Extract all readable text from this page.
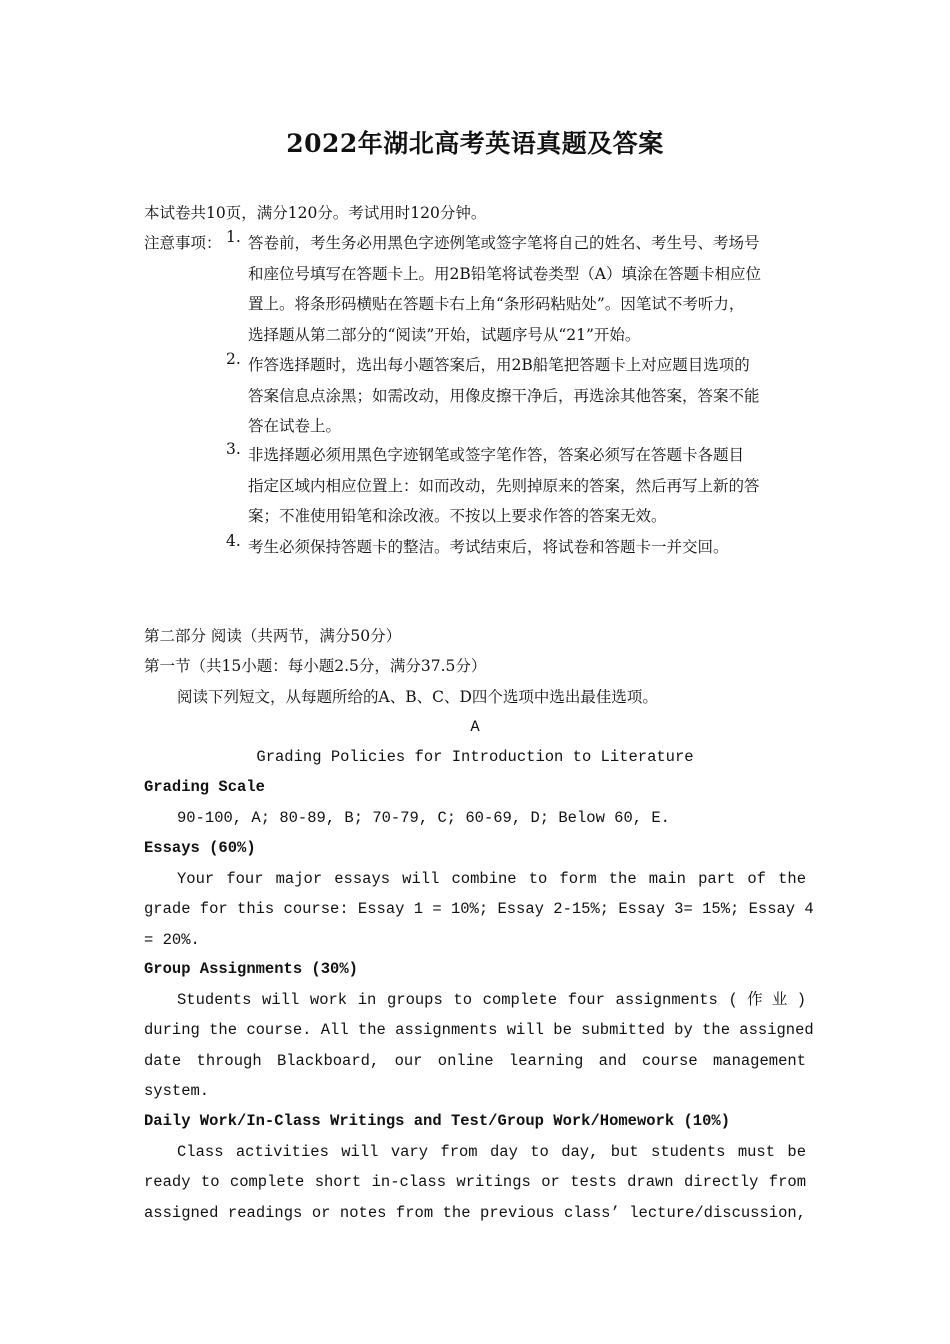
2022年湖北高考英语真题及答案
本试卷共10页，满分120分。考试用时120分钟。
注意事项： 1. 答卷前，考生务必用黑色字迹例笔或签字笔将自己的姓名、考生号、考场号
和座位号填写在答题卡上。用2B铅笔将试卷类型（A）填涂在答题卡相应位
置上。将条形码横贴在答题卡右上角“条形码粘贴处”。因笔试不考听力，
选择题从第二部分的“阅读”开始，试题序号从“21”开始。
2. 作答选择题时，选出每小题答案后，用2B船笔把答题卡上对应题目选项的
答案信息点涂黑；如需改动，用像皮擦干净后，再选涂其他答案，答案不能
答在试卷上。
3. 非选择题必须用黑色字迹钢笔或签字笔作答，答案必须写在答题卡各题目
指定区域内相应位置上：如而改动，先则掉原来的答案，然后再写上新的答
案；不准使用铅笔和涂改液。不按以上要求作答的答案无效。
4. 考生必须保持答题卡的整洁。考试结束后，将试卷和答题卡一并交回。
第二部分 阅读（共两节，满分50分）
第一节（共15小题：每小题2.5分，满分37.5分）
阅读下列短文，从每题所给的A、B、C、D四个选项中选出最佳选项。
A
Grading Policies for Introduction to Literature
Grading Scale
90-100, A; 80-89, B; 70-79, C; 60-69, D; Below 60, E.
Essays (60%)
Your four major essays will combine to form the main part of the
grade for this course: Essay 1 = 10%; Essay 2-15%; Essay 3= 15%; Essay 4
= 20%.
Group Assignments (30%)
Students will work in groups to complete four assignments ( 作 业 )
during the course. All the assignments will be submitted by the assigned
date through Blackboard, our online learning and course management
system.
Daily Work/In-Class Writings and Test/Group Work/Homework (10%)
Class activities will vary from day to day, but students must be
ready to complete short in-class writings or tests drawn directly from
assigned readings or notes from the previous class’ lecture/discussion,
